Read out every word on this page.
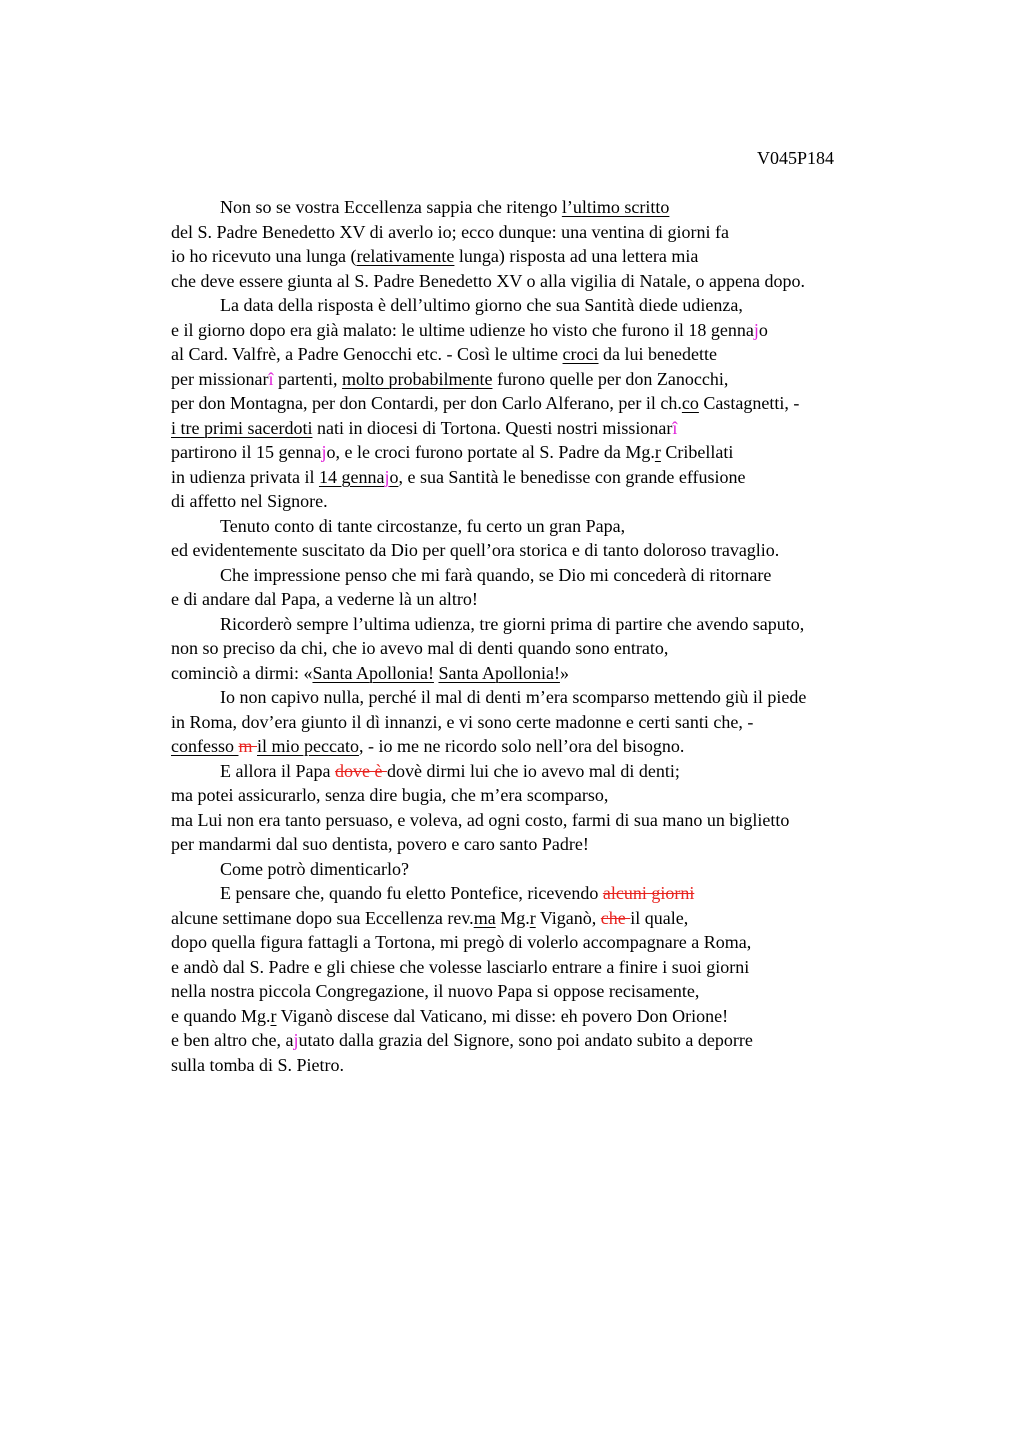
V045P184
Non so se vostra Eccellenza sappia che ritengo l’ultimo scritto
del S. Padre Benedetto XV di averlo io; ecco dunque: una ventina di giorni fa
io ho ricevuto una lunga (relativamente lunga) risposta ad una lettera mia
che deve essere giunta al S. Padre Benedetto XV o alla vigilia di Natale, o appena dopo.
La data della risposta è dell’ultimo giorno che sua Santità diede udienza,
e il giorno dopo era già malato: le ultime udienze ho visto che furono il 18 gennajo
al Card. Valfrè, a Padre Genocchi etc. - Così le ultime croci da lui benedette
per missionarî partenti, molto probabilmente furono quelle per don Zanocchi,
per don Montagna, per don Contardi, per don Carlo Alferano, per il ch.co Castagnetti, -
i tre primi sacerdoti nati in diocesi di Tortona. Questi nostri missionarî
partirono il 15 gennajo, e le croci furono portate al S. Padre da Mg.r Cribellati
in udienza privata il 14 gennajo, e sua Santità le benedisse con grande effusione
di affetto nel Signore.
Tenuto conto di tante circostanze, fu certo un gran Papa,
ed evidentemente suscitato da Dio per quell’ora storica e di tanto doloroso travaglio.
Che impressione penso che mi farà quando, se Dio mi concederà di ritornare
e di andare dal Papa, a vederne là un altro!
Ricorderò sempre l’ultima udienza, tre giorni prima di partire che avendo saputo,
non so preciso da chi, che io avevo mal di denti quando sono entrato,
cominciò a dirmi: «Santa Apollonia! Santa Apollonia!»
Io non capivo nulla, perché il mal di denti m’era scomparso mettendo giù il piede
in Roma, dov’era giunto il dì innanzi, e vi sono certe madonne e certi santi che, -
confesso m il mio peccato, - io me ne ricordo solo nell’ora del bisogno.
E allora il Papa dove è dovè dirmi lui che io avevo mal di denti;
ma potei assicurarlo, senza dire bugia, che m’era scomparso,
ma Lui non era tanto persuaso, e voleva, ad ogni costo, farmi di sua mano un biglietto
per mandarmi dal suo dentista, povero e caro santo Padre!
Come potrò dimenticarlo?
E pensare che, quando fu eletto Pontefice, ricevendo alcuni giorni
alcune settimane dopo sua Eccellenza rev.ma Mg.r Viganò, che il quale,
dopo quella figura fattagli a Tortona, mi pregò di volerlo accompagnare a Roma,
e andò dal S. Padre e gli chiese che volesse lasciarlo entrare a finire i suoi giorni
nella nostra piccola Congregazione, il nuovo Papa si oppose recisamente,
e quando Mg.r Viganò discese dal Vaticano, mi disse: eh povero Don Orione!
e ben altro che, ajutato dalla grazia del Signore, sono poi andato subito a deporre
sulla tomba di S. Pietro.
